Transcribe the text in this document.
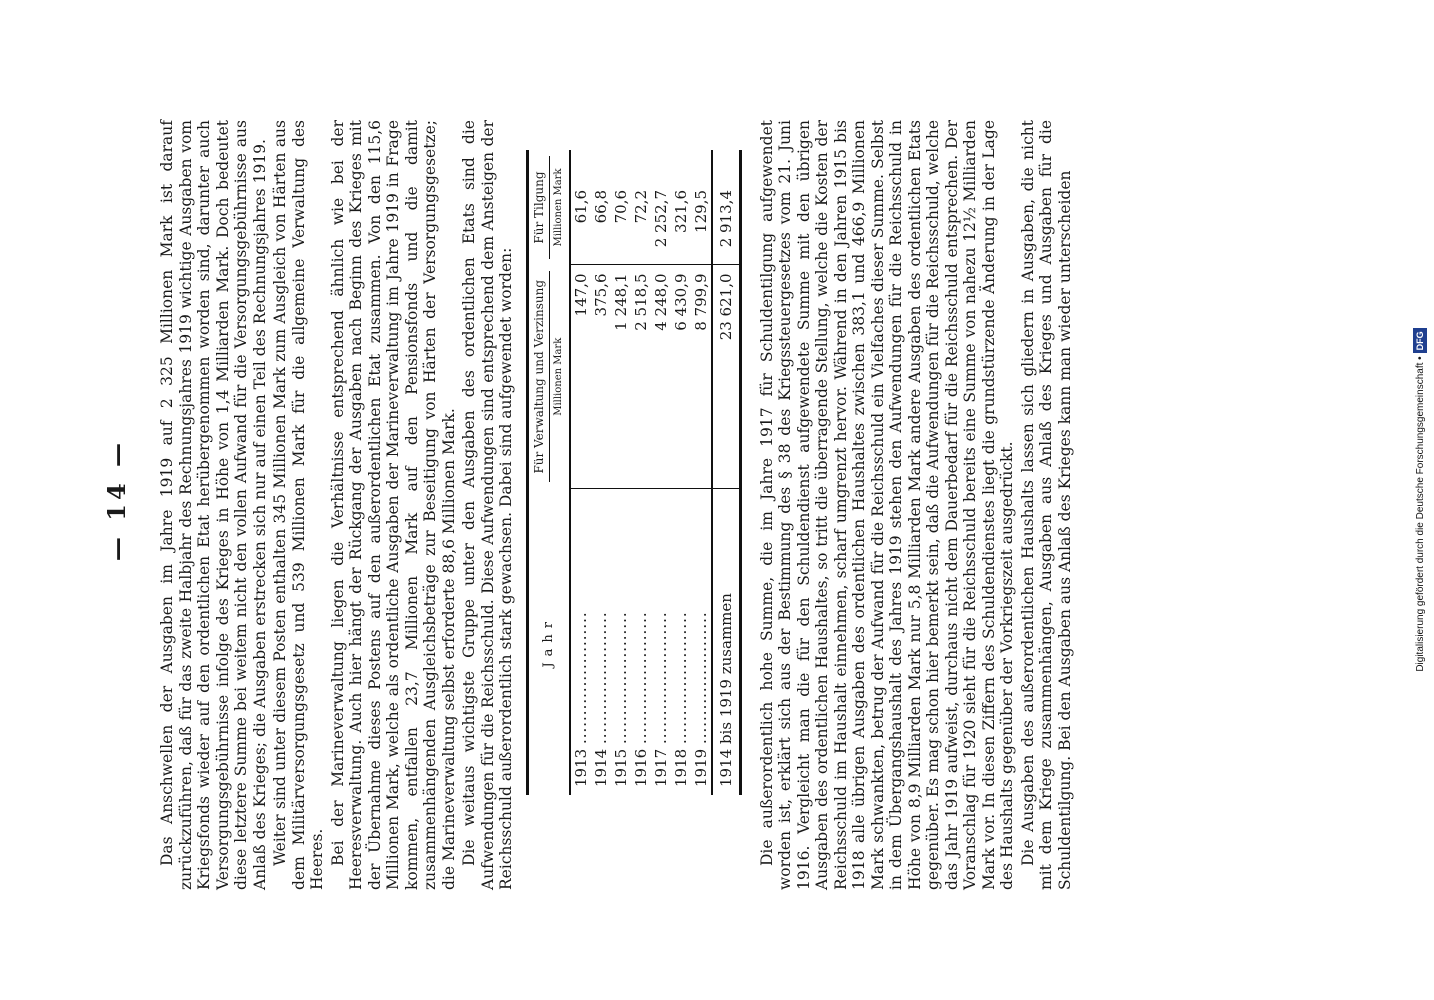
— 14 — Das Anschwellen der Ausgaben im Jahre 1919 auf 2 325 Millionen Mark ist darauf zurückzuführen, daß für das zweite Halbjahr des Rechnungsjahres 1919 wichtige Ausgaben vom Kriegsfonds wieder auf den ordentlichen Etat herübergenommen worden sind, darunter auch Versorgungsgebührnisse infolge des Krieges in Höhe von 1,4 Milliarden Mark. Doch bedeutet diese letztere Summe bei weitem nicht den vollen Aufwand für die Versorgungsgebührnisse aus Anlaß des Krieges; die Ausgaben erstrecken sich nur auf einen Teil des Rechnungsjahres 1919. Weiter sind unter diesem Posten enthalten 345 Millionen Mark zum Ausgleich von Härten aus dem Militärversorgungsgesetz und 539 Millionen Mark für die allgemeine Verwaltung des Heeres. Bei der Marineverwaltung liegen die Verhältnisse entsprechend ähnlich wie bei der Heeresverwaltung. Auch hier hängt der Rückgang der Ausgaben nach Beginn des Krieges mit der Übernahme dieses Postens auf den außerordentlichen Etat zusammen. Von den 115,6 Millionen Mark, welche als ordentliche Ausgaben der Marineverwaltung im Jahre 1919 in Frage kommen, entfallen 23,7 Millionen Mark auf den Pensionsfonds und die damit zusammenhängenden Ausgleichsbeträge zur Beseitigung von Härten der Versorgungsgesetze; die Marineverwaltung selbst erforderte 88,6 Millionen Mark. Die weitaus wichtigste Gruppe unter den Ausgaben des ordentlichen Etats sind die Aufwendungen für die Reichsschuld. Diese Aufwendungen sind entsprechend dem Ansteigen der Reichsschuld außerordentlich stark gewachsen. Dabei sind aufgewendet worden: Jahr	Für Verwaltung und Verzinsung Millionen Mark	Für Tilgung Millionen Mark

1913 .......................	147,0	61,6
1914 .......................	375,6	66,8
1915 .......................	1 248,1	70,6
1916 .......................	2 518,5	72,2
1917 .......................	4 248,0	2 252,7
1918 .......................	6 430,9	321,6
1919 .......................	8 799,9	129,5
1914 bis 1919 zusammen	23 621,0	2 913,4 Die außerordentlich hohe Summe, die im Jahre 1917 für Schuldentilgung aufgewendet worden ist, erklärt sich aus der Bestimmung des § 38 des Kriegssteuergesetzes vom 21. Juni 1916. Vergleicht man die für den Schuldendienst aufgewendete Summe mit den übrigen Ausgaben des ordentlichen Haushaltes, so tritt die überragende Stellung, welche die Kosten der Reichsschuld im Haushalt einnehmen, scharf umgrenzt hervor. Während in den Jahren 1915 bis 1918 alle übrigen Ausgaben des ordentlichen Haushaltes zwischen 383,1 und 466,9 Millionen Mark schwankten, betrug der Aufwand für die Reichsschuld ein Vielfaches dieser Summe. Selbst in dem Übergangshaushalt des Jahres 1919 stehen den Aufwendungen für die Reichsschuld in Höhe von 8,9 Milliarden Mark nur 5,8 Milliarden Mark andere Ausgaben des ordentlichen Etats gegenüber. Es mag schon hier bemerkt sein, daß die Aufwendungen für die Reichsschuld, welche das Jahr 1919 aufweist, durchaus nicht dem Dauerbedarf für die Reichsschuld entsprechen. Der Voranschlag für 1920 sieht für die Reichsschuld bereits eine Summe von nahezu 12½ Milliarden Mark vor. In diesen Ziffern des Schuldendienstes liegt die grundstürzende Änderung in der Lage des Haushalts gegenüber der Vorkriegszeit ausgedrückt. Die Ausgaben des außerordentlichen Haushalts lassen sich gliedern in Ausgaben, die nicht mit dem Kriege zusammenhängen, Ausgaben aus Anlaß des Krieges und Ausgaben für die Schuldentilgung. Bei den Ausgaben aus Anlaß des Krieges kann man wieder unterscheiden	Digitalisierung gefördert durch die Deutsche Forschungsgemeinschaft •DFG
